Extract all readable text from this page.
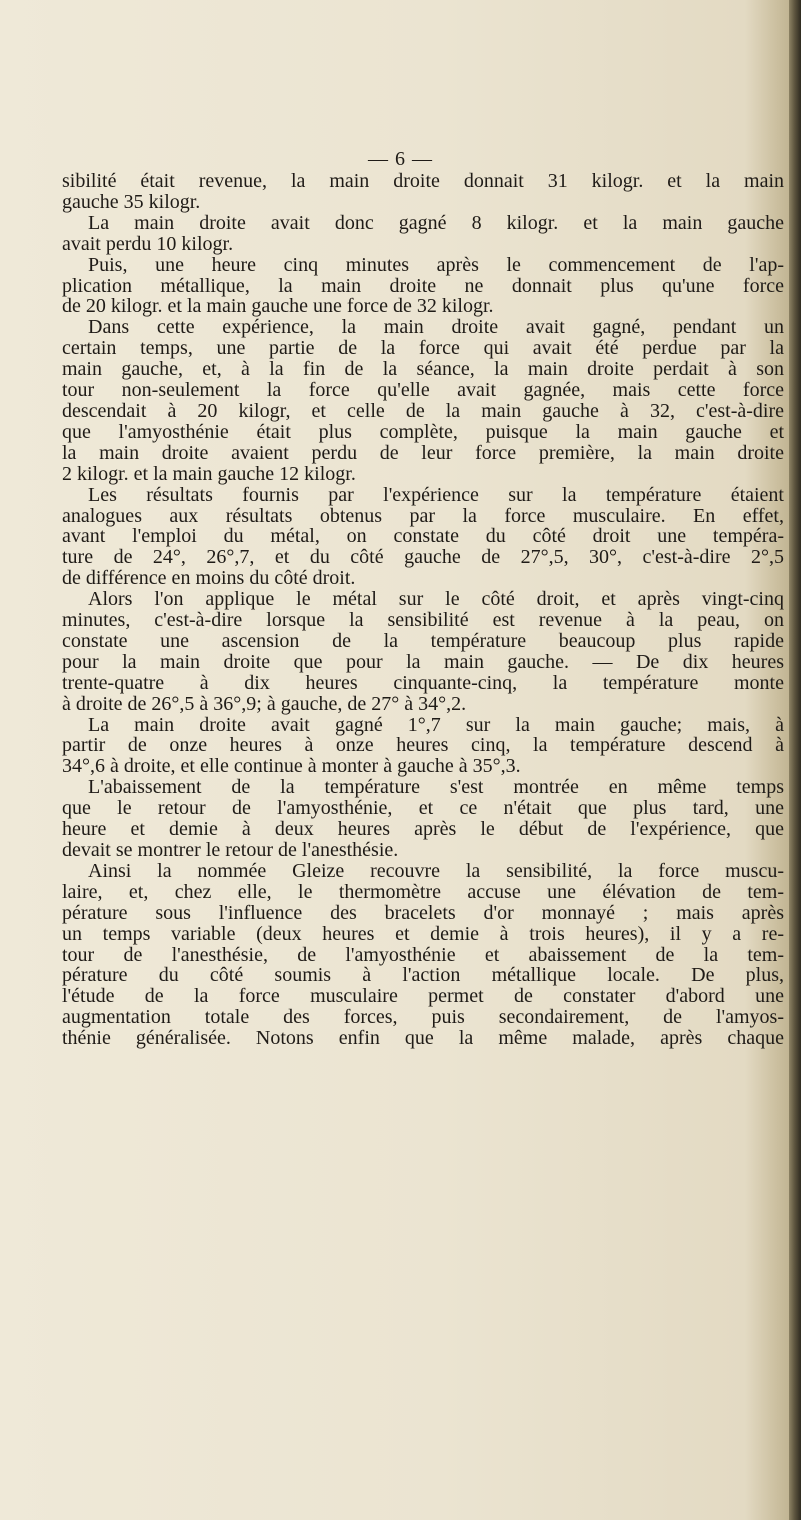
— 6 —
sibilité était revenue, la main droite donnait 31 kilogr. et la main
gauche 35 kilogr.
La main droite avait donc gagné 8 kilogr. et la main gauche
avait perdu 10 kilogr.
Puis, une heure cinq minutes après le commencement de l'ap-
plication métallique, la main droite ne donnait plus qu'une force
de 20 kilogr. et la main gauche une force de 32 kilogr.
Dans cette expérience, la main droite avait gagné, pendant un
certain temps, une partie de la force qui avait été perdue par la
main gauche, et, à la fin de la séance, la main droite perdait à son
tour non-seulement la force qu'elle avait gagnée, mais cette force
descendait à 20 kilogr, et celle de la main gauche à 32, c'est-à-dire
que l'amyosthénie était plus complète, puisque la main gauche et
la main droite avaient perdu de leur force première, la main droite
2 kilogr. et la main gauche 12 kilogr.
Les résultats fournis par l'expérience sur la température étaient
analogues aux résultats obtenus par la force musculaire. En effet,
avant l'emploi du métal, on constate du côté droit une tempéra-
ture de 24°, 26°,7, et du côté gauche de 27°,5, 30°, c'est-à-dire 2°,5
de différence en moins du côté droit.
Alors l'on applique le métal sur le côté droit, et après vingt-cinq
minutes, c'est-à-dire lorsque la sensibilité est revenue à la peau, on
constate une ascension de la température beaucoup plus rapide
pour la main droite que pour la main gauche. — De dix heures
trente-quatre à dix heures cinquante-cinq, la température monte
à droite de 26°,5 à 36°,9; à gauche, de 27° à 34°,2.
La main droite avait gagné 1°,7 sur la main gauche; mais, à
partir de onze heures à onze heures cinq, la température descend à
34°,6 à droite, et elle continue à monter à gauche à 35°,3.
L'abaissement de la température s'est montrée en même temps
que le retour de l'amyosthénie, et ce n'était que plus tard, une
heure et demie à deux heures après le début de l'expérience, que
devait se montrer le retour de l'anesthésie.
Ainsi la nommée Gleize recouvre la sensibilité, la force muscu-
laire, et, chez elle, le thermomètre accuse une élévation de tem-
pérature sous l'influence des bracelets d'or monnayé ; mais après
un temps variable (deux heures et demie à trois heures), il y a re-
tour de l'anesthésie, de l'amyosthénie et abaissement de la tem-
pérature du côté soumis à l'action métallique locale. De plus,
l'étude de la force musculaire permet de constater d'abord une
augmentation totale des forces, puis secondairement, de l'amyos-
thénie généralisée. Notons enfin que la même malade, après chaque
